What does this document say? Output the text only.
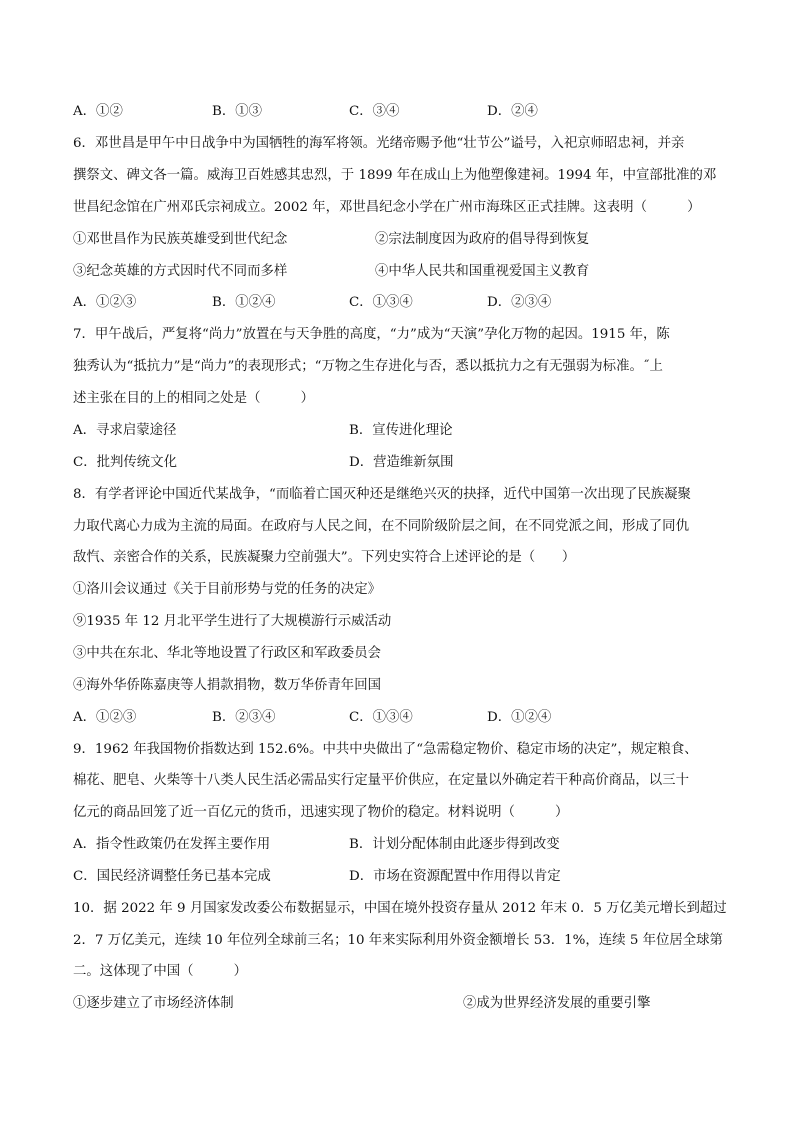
A．①②	B．①③	C．③④	D．②④
6．邓世昌是甲午中日战争中为国牺牲的海军将领。光绪帝赐予他“壮节公”谥号，入祀京师昭忠祠，并亲
撰祭文、碑文各一篇。威海卫百姓感其忠烈，于 1899 年在成山上为他塑像建祠。1994 年，中宣部批准的邓
世昌纪念馆在广州邓氏宗祠成立。2002 年，邓世昌纪念小学在广州市海珠区正式挂牌。这表明（　　　）
①邓世昌作为民族英雄受到世代纪念	②宗法制度因为政府的倡导得到恢复
③纪念英雄的方式因时代不同而多样	④中华人民共和国重视爱国主义教育
A．①②③	B．①②④	C．①③④	D．②③④
7．甲午战后，严复将“尚力”放置在与天争胜的高度，“力”成为“天演”孕化万物的起因。1915 年，陈
独秀认为“抵抗力”是“尚力”的表现形式；“万物之生存进化与否，悉以抵抗力之有无强弱为标准。˝上
述主张在目的上的相同之处是（　　　）
A．寻求启蒙途径	B．宣传进化理论
C．批判传统文化	D．营造维新氛围
8．有学者评论中国近代某战争，“而临着亡国灭种还是继绝兴灭的抉择，近代中国第一次出现了民族凝聚
力取代离心力成为主流的局面。在政府与人民之间，在不同阶级阶层之间，在不同党派之间，形成了同仇
敌忾、亲密合作的关系，民族凝聚力空前强大”。下列史实符合上述评论的是（　　）
①洛川会议通过《关于目前形势与党的任务的决定》
⑨1935 年 12 月北平学生进行了大规模游行示威活动
③中共在东北、华北等地设置了行政区和军政委员会
④海外华侨陈嘉庚等人捐款捐物，数万华侨青年回国
A．①②③	B．②③④	C．①③④	D．①②④
9．1962 年我国物价指数达到 152.6%。中共中央做出了“急需稳定物价、稳定市场的决定”，规定粮食、
棉花、肥皂、火柴等十八类人民生活必需品实行定量平价供应，在定量以外确定若干种高价商品，以三十
亿元的商品回笼了近一百亿元的货币，迅速实现了物价的稳定。材料说明（　　　）
A．指令性政策仍在发挥主要作用	B．计划分配体制由此逐步得到改变
C．国民经济调整任务已基本完成	D．市场在资源配置中作用得以肯定
10．据 2022 年 9 月国家发改委公布数据显示，中国在境外投资存量从 2012 年末 0．5 万亿美元增长到超过
2．7 万亿美元，连续 10 年位列全球前三名；10 年来实际利用外资金额增长 53．1%，连续 5 年位居全球第
二。这体现了中国（　　　）
①逐步建立了市场经济体制	②成为世界经济发展的重要引擎
